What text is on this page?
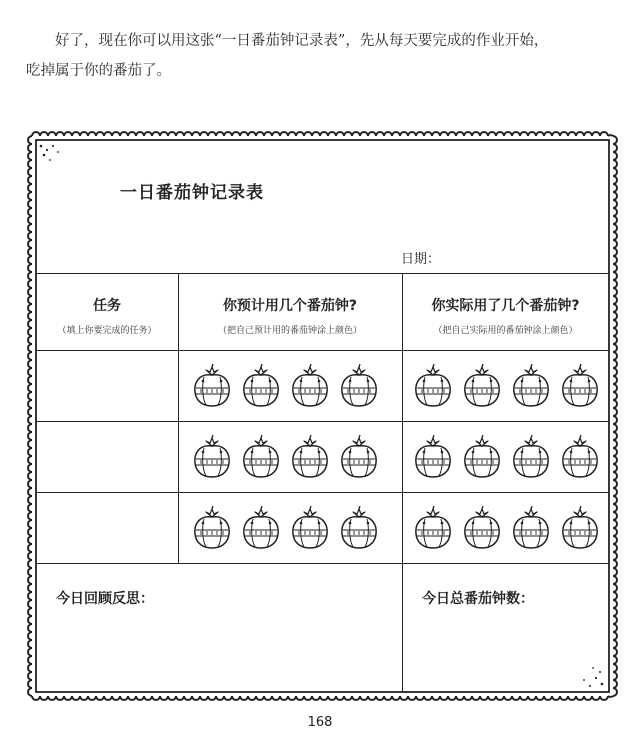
好了，现在你可以用这张“一日番茄钟记录表”，先从每天要完成的作业开始，

吃掉属于你的番茄了。

一日番茄钟记录表
日期：
任务
（填上你要完成的任务）
你预计用几个番茄钟?
（把自己预计用的番茄钟涂上颜色）
你实际用了几个番茄钟?
（把自己实际用的番茄钟涂上颜色）
今日回顾反思：	今日总番茄钟数：
168
